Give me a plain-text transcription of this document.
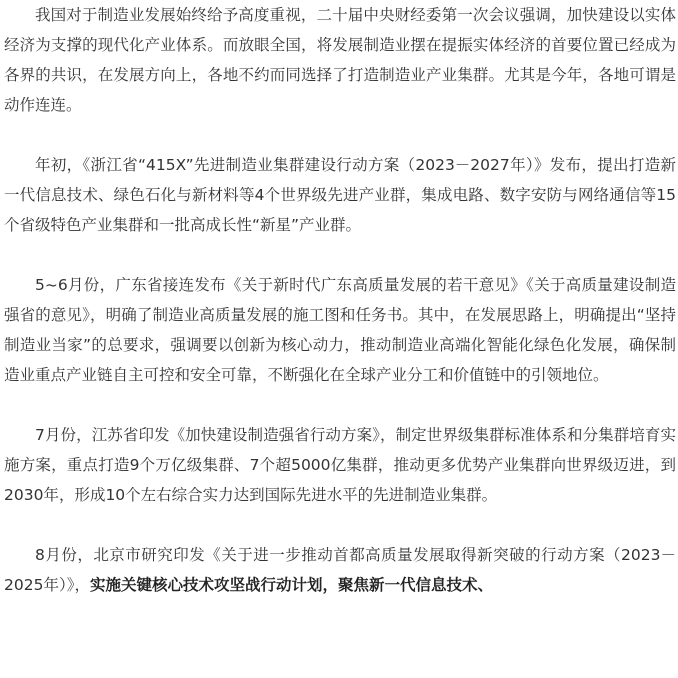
我国对于制造业发展始终给予高度重视，二十届中央财经委第一次会议强调，加快建设以实体经济为支撑的现代化产业体系。而放眼全国，将发展制造业摆在提振实体经济的首要位置已经成为各界的共识，在发展方向上，各地不约而同选择了打造制造业产业集群。尤其是今年，各地可谓是动作连连。

年初，《浙江省“415X”先进制造业集群建设行动方案（2023－2027年）》发布，提出打造新一代信息技术、绿色石化与新材料等4个世界级先进产业群，集成电路、数字安防与网络通信等15个省级特色产业集群和一批高成长性“新星”产业群。

5~6月份，广东省接连发布《关于新时代广东高质量发展的若干意见》《关于高质量建设制造强省的意见》，明确了制造业高质量发展的施工图和任务书。其中，在发展思路上，明确提出“坚持制造业当家”的总要求，强调要以创新为核心动力，推动制造业高端化智能化绿色化发展，确保制造业重点产业链自主可控和安全可靠，不断强化在全球产业分工和价值链中的引领地位。

7月份，江苏省印发《加快建设制造强省行动方案》，制定世界级集群标准体系和分集群培育实施方案，重点打造9个万亿级集群、7个超5000亿集群，推动更多优势产业集群向世界级迈进，到2030年，形成10个左右综合实力达到国际先进水平的先进制造业集群。

8月份，北京市研究印发《关于进一步推动首都高质量发展取得新突破的行动方案（2023－2025年）》，实施关键核心技术攻坚战行动计划，聚焦新一代信息技术、
